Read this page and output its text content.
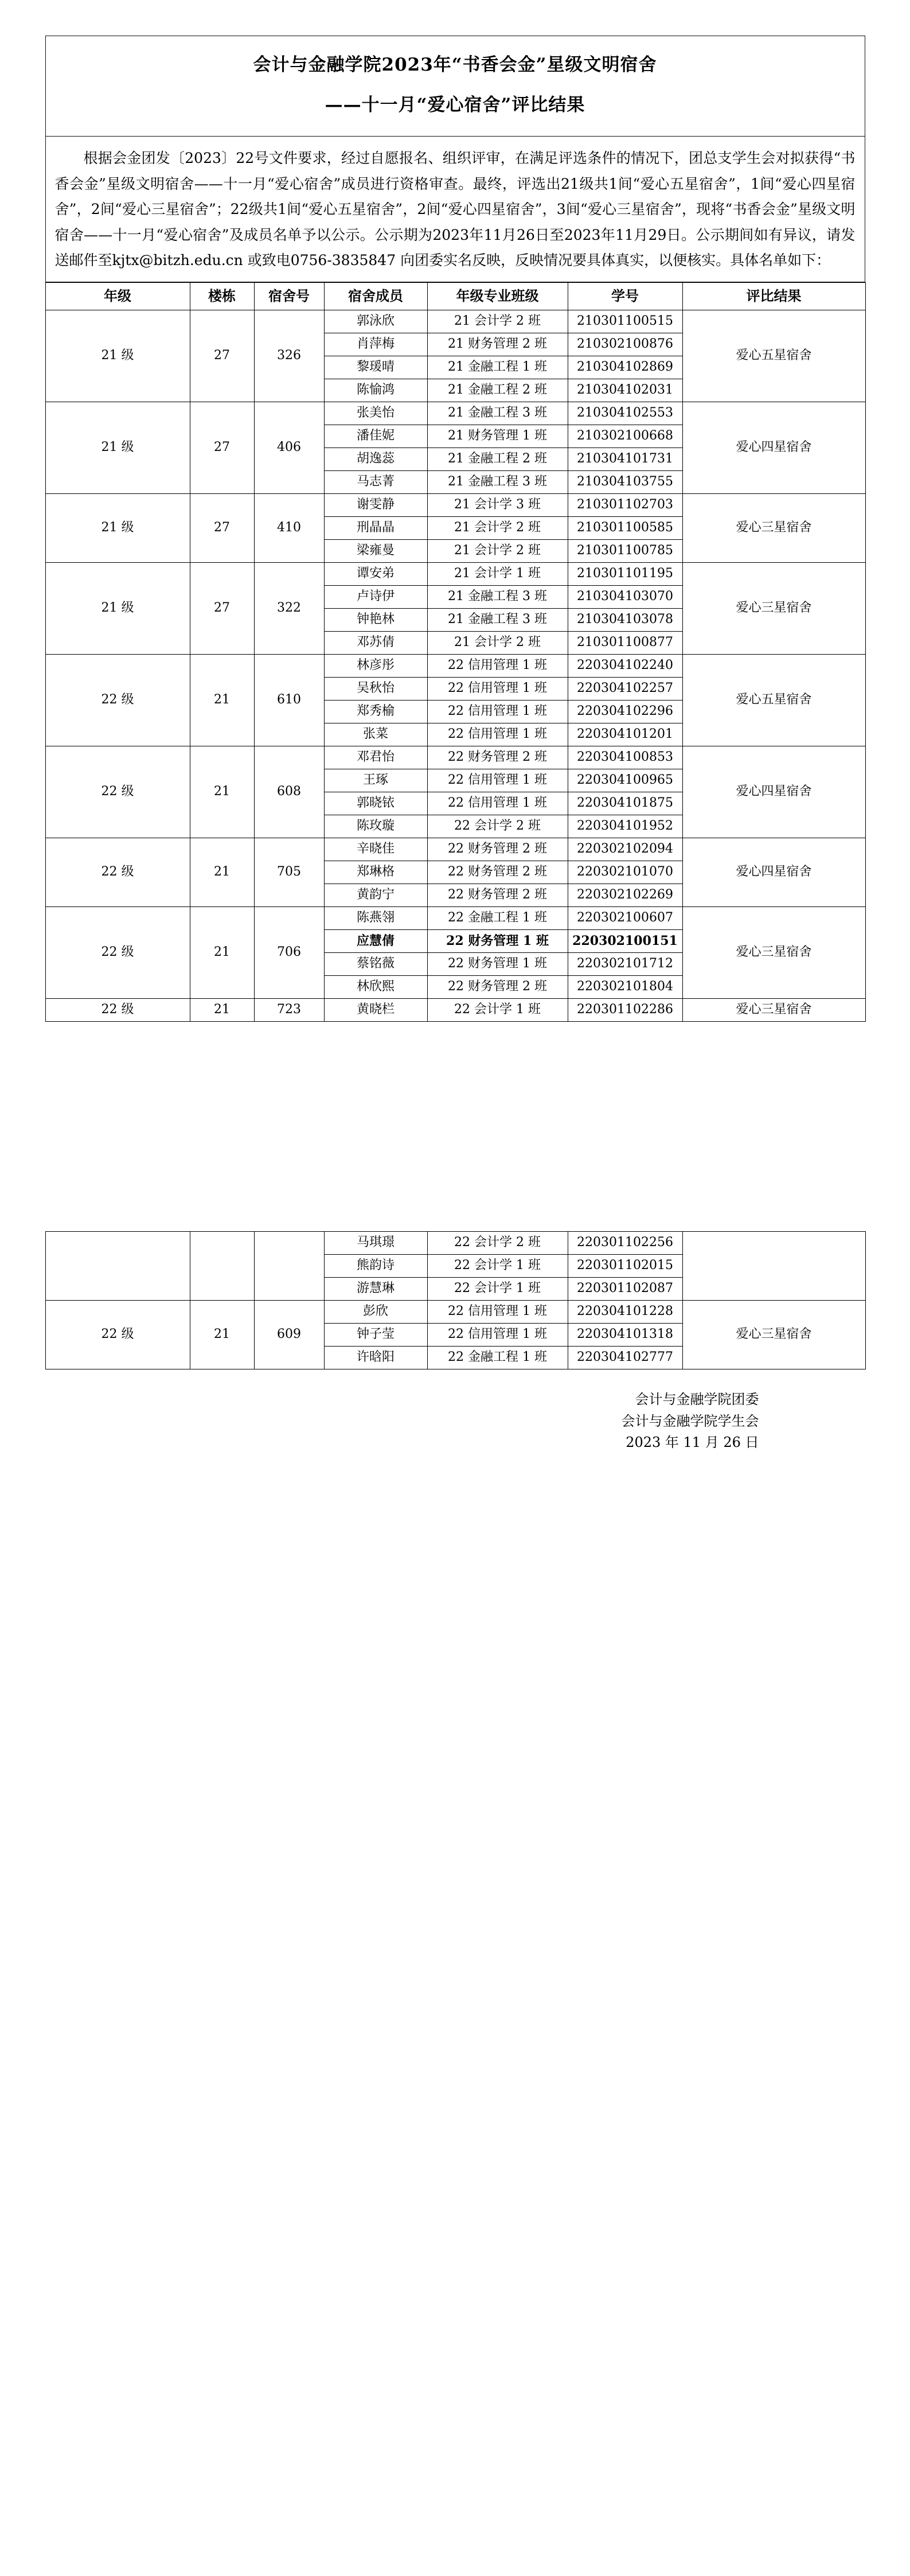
会计与金融学院2023年“书香会金”星级文明宿舍
——十一月“爱心宿舍”评比结果
根据会金团发〔2023〕22号文件要求，经过自愿报名、组织评审，在满足评选条件的情况下，团总支学生会对拟获得“书香会金”星级文明宿舍——十一月“爱心宿舍”成员进行资格审查。最终，评选出21级共1间“爱心五星宿舍”，1间“爱心四星宿舍”，2间“爱心三星宿舍”；22级共1间“爱心五星宿舍”，2间“爱心四星宿舍”，3间“爱心三星宿舍”，现将“书香会金”星级文明宿舍——十一月“爱心宿舍”及成员名单予以公示。公示期为2023年11月26日至2023年11月29日。公示期间如有异议，请发送邮件至kjtx@bitzh.edu.cn 或致电0756-3835847 向团委实名反映，反映情况要具体真实，以便核实。具体名单如下：
年级	楼栋	宿舍号	宿舍成员	年级专业班级	学号	评比结果
21 级	27	326	郭泳欣	21 会计学 2 班	210301100515	爱心五星宿舍
			肖萍梅	21 财务管理 2 班	210302100876	
			黎瑗晴	21 金融工程 1 班	210304102869	
			陈愉鸿	21 金融工程 2 班	210304102031	
21 级	27	406	张美怡	21 金融工程 3 班	210304102553	爱心四星宿舍
			潘佳妮	21 财务管理 1 班	210302100668	
			胡逸蕊	21 金融工程 2 班	210304101731	
			马志菁	21 金融工程 3 班	210304103755	
21 级	27	410	谢雯静	21 会计学 3 班	210301102703	爱心三星宿舍
			刑晶晶	21 会计学 2 班	210301100585	
			梁雍曼	21 会计学 2 班	210301100785	
21 级	27	322	谭安弟	21 会计学 1 班	210301101195	爱心三星宿舍
			卢诗伊	21 金融工程 3 班	210304103070	
			钟艳林	21 金融工程 3 班	210304103078	
			邓苏倩	21 会计学 2 班	210301100877	
22 级	21	610	林彦彤	22 信用管理 1 班	220304102240	爱心五星宿舍
			吴秋怡	22 信用管理 1 班	220304102257	
			郑秀榆	22 信用管理 1 班	220304102296	
			张菜	22 信用管理 1 班	220304101201	
22 级	21	608	邓君怡	22 财务管理 2 班	220304100853	爱心四星宿舍
			王琢	22 信用管理 1 班	220304100965	
			郭晓铱	22 信用管理 1 班	220304101875	
			陈玫璇	22 会计学 2 班	220304101952	
22 级	21	705	辛晓佳	22 财务管理 2 班	220302102094	爱心四星宿舍
			郑琳格	22 财务管理 2 班	220302101070	
			黄韵宁	22 财务管理 2 班	220302102269	
22 级	21	706	陈燕翎	22 金融工程 1 班	220302100607	爱心三星宿舍
			应慧倩	22 财务管理 1 班	220302100151	
			蔡铭薇	22 财务管理 1 班	220302101712	
			林欣熙	22 财务管理 2 班	220302101804	
22 级	21	723	黄晓栏	22 会计学 1 班	220301102286	爱心三星宿舍
			马琪璟	22 会计学 2 班	220301102256	
			熊韵诗	22 会计学 1 班	220301102015	
			游慧琳	22 会计学 1 班	220301102087	
22 级	21	609	彭欣	22 信用管理 1 班	220304101228	爱心三星宿舍
			钟子莹	22 信用管理 1 班	220304101318	
			许晗阳	22 金融工程 1 班	220304102777	
会计与金融学院团委
会计与金融学院学生会
2023 年 11 月 26 日
